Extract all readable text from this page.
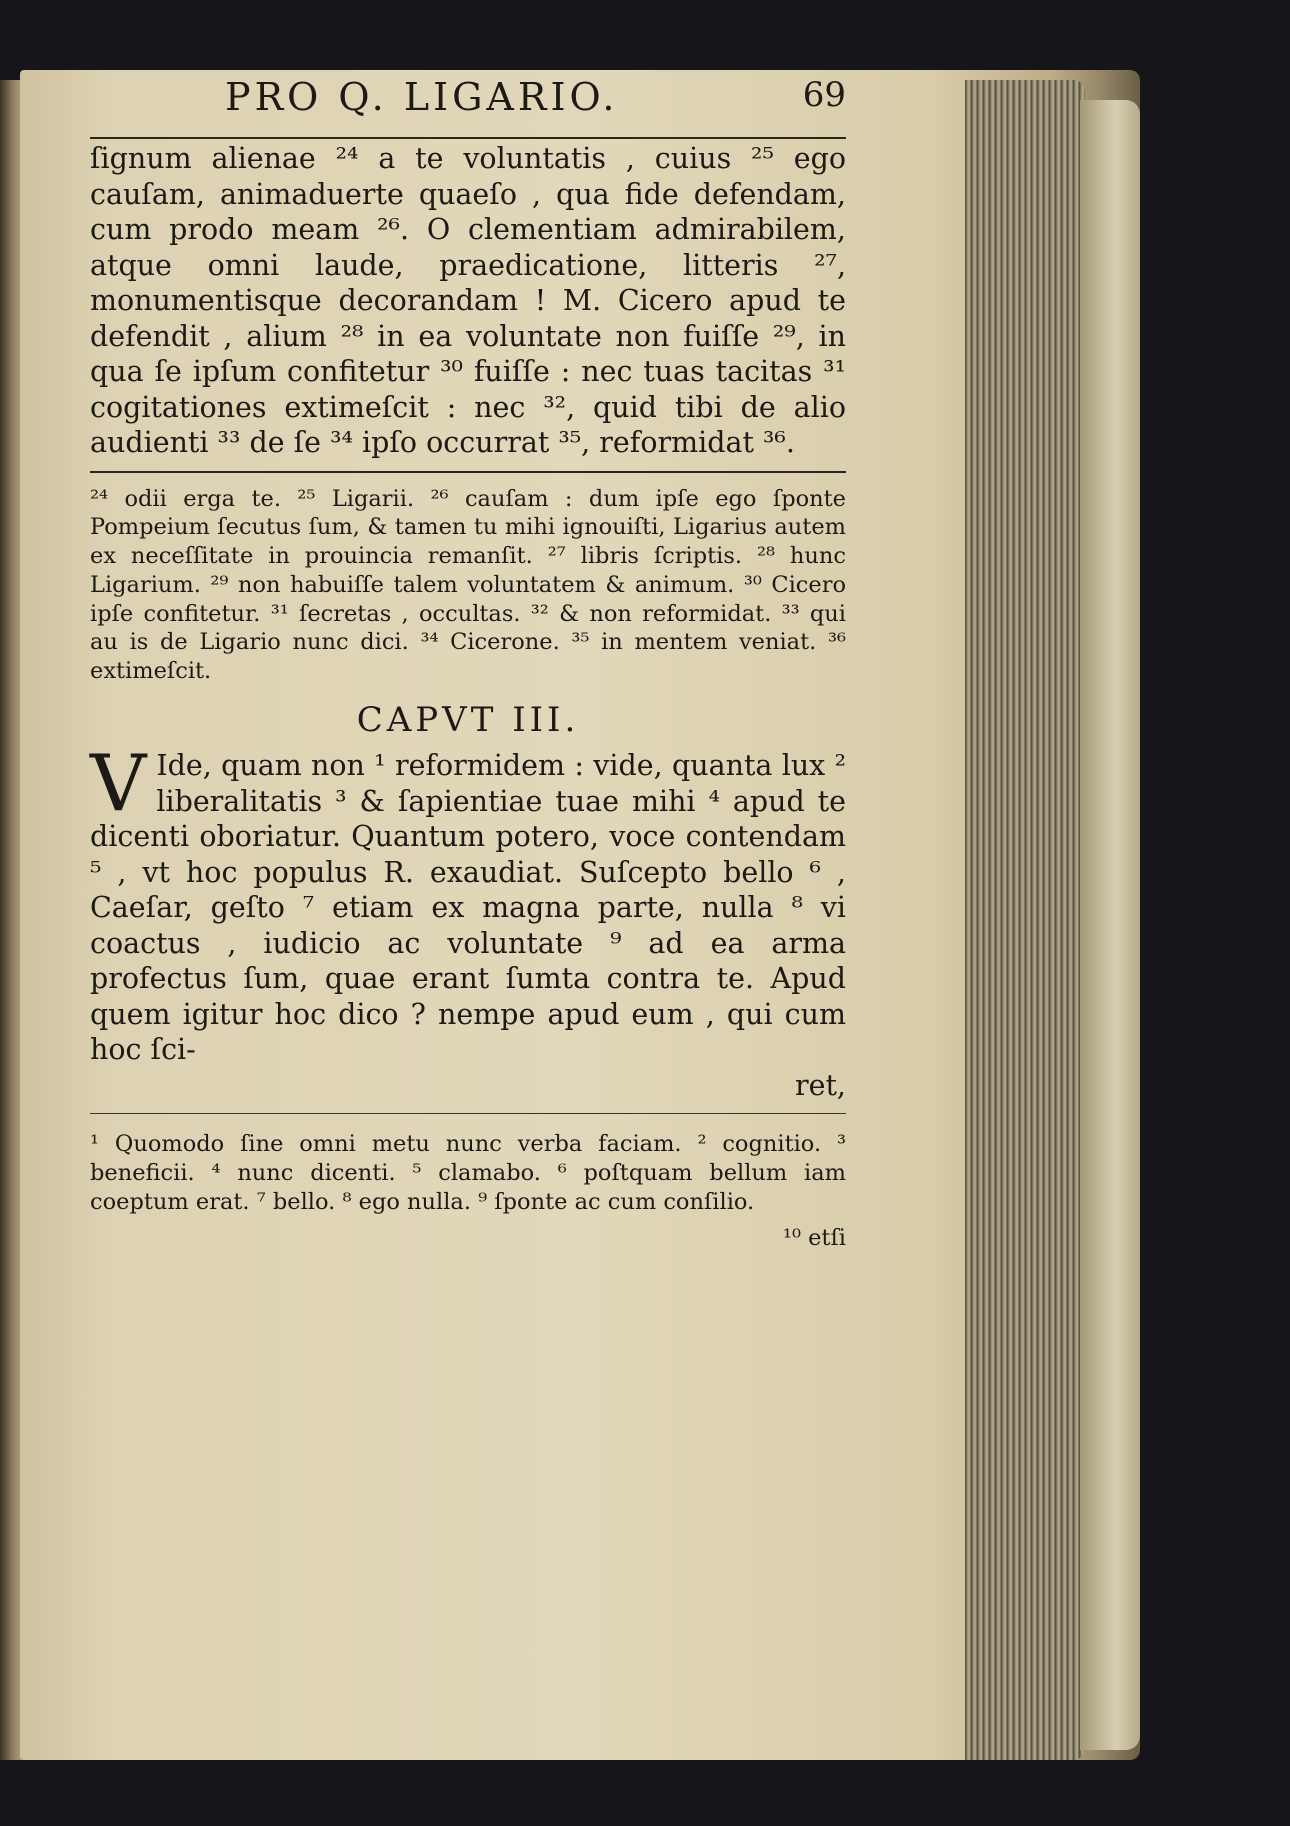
PRO Q. LIGARIO.	69

ſignum alienae ²⁴ a te voluntatis , cuius ²⁵ ego cauſam, animaduerte quaeſo , qua fide defendam, cum prodo meam ²⁶. O clementiam admirabilem, atque omni laude, praedicatione, litteris ²⁷, monumentisque decorandam ! M. Cicero apud te defendit , alium ²⁸ in ea voluntate non fuiſſe ²⁹, in qua ſe ipſum confitetur ³⁰ fuiſſe : nec tuas tacitas ³¹ cogitationes extimeſcit : nec ³², quid tibi de alio audienti ³³ de ſe ³⁴ ipſo occurrat ³⁵, reformidat ³⁶.

²⁴ odii erga te. ²⁵ Ligarii. ²⁶ cauſam : dum ipſe ego ſponte Pompeium ſecutus ſum, & tamen tu mihi ignouiſti, Ligarius autem ex neceſſitate in prouincia remanſit. ²⁷ libris ſcriptis. ²⁸ hunc Ligarium. ²⁹ non habuiſſe talem voluntatem & animum. ³⁰ Cicero ipſe confitetur. ³¹ ſecretas , occultas. ³² & non reformidat. ³³ qui au is de Ligario nunc dici. ³⁴ Cicerone. ³⁵ in mentem veniat. ³⁶ extimeſcit.

CAPVT III.
V Ide, quam non ¹ reformidem : vide, quanta lux ² liberalitatis ³ & ſapientiae tuae mihi ⁴ apud te dicenti oboriatur. Quantum potero, voce contendam ⁵ , vt hoc populus R. exaudiat. Suſcepto bello ⁶ , Caeſar, geſto ⁷ etiam ex magna parte, nulla ⁸ vi coactus , iudicio ac voluntate ⁹ ad ea arma profectus ſum, quae erant ſumta contra te. Apud quem igitur hoc dico ? nempe apud eum , qui cum hoc ſci-

ret,

¹ Quomodo ſine omni metu nunc verba faciam. ² cognitio. ³ beneficii. ⁴ nunc dicenti. ⁵ clamabo. ⁶ poſtquam bellum iam coeptum erat. ⁷ bello. ⁸ ego nulla. ⁹ ſponte ac cum conſilio.

¹⁰ etſi
